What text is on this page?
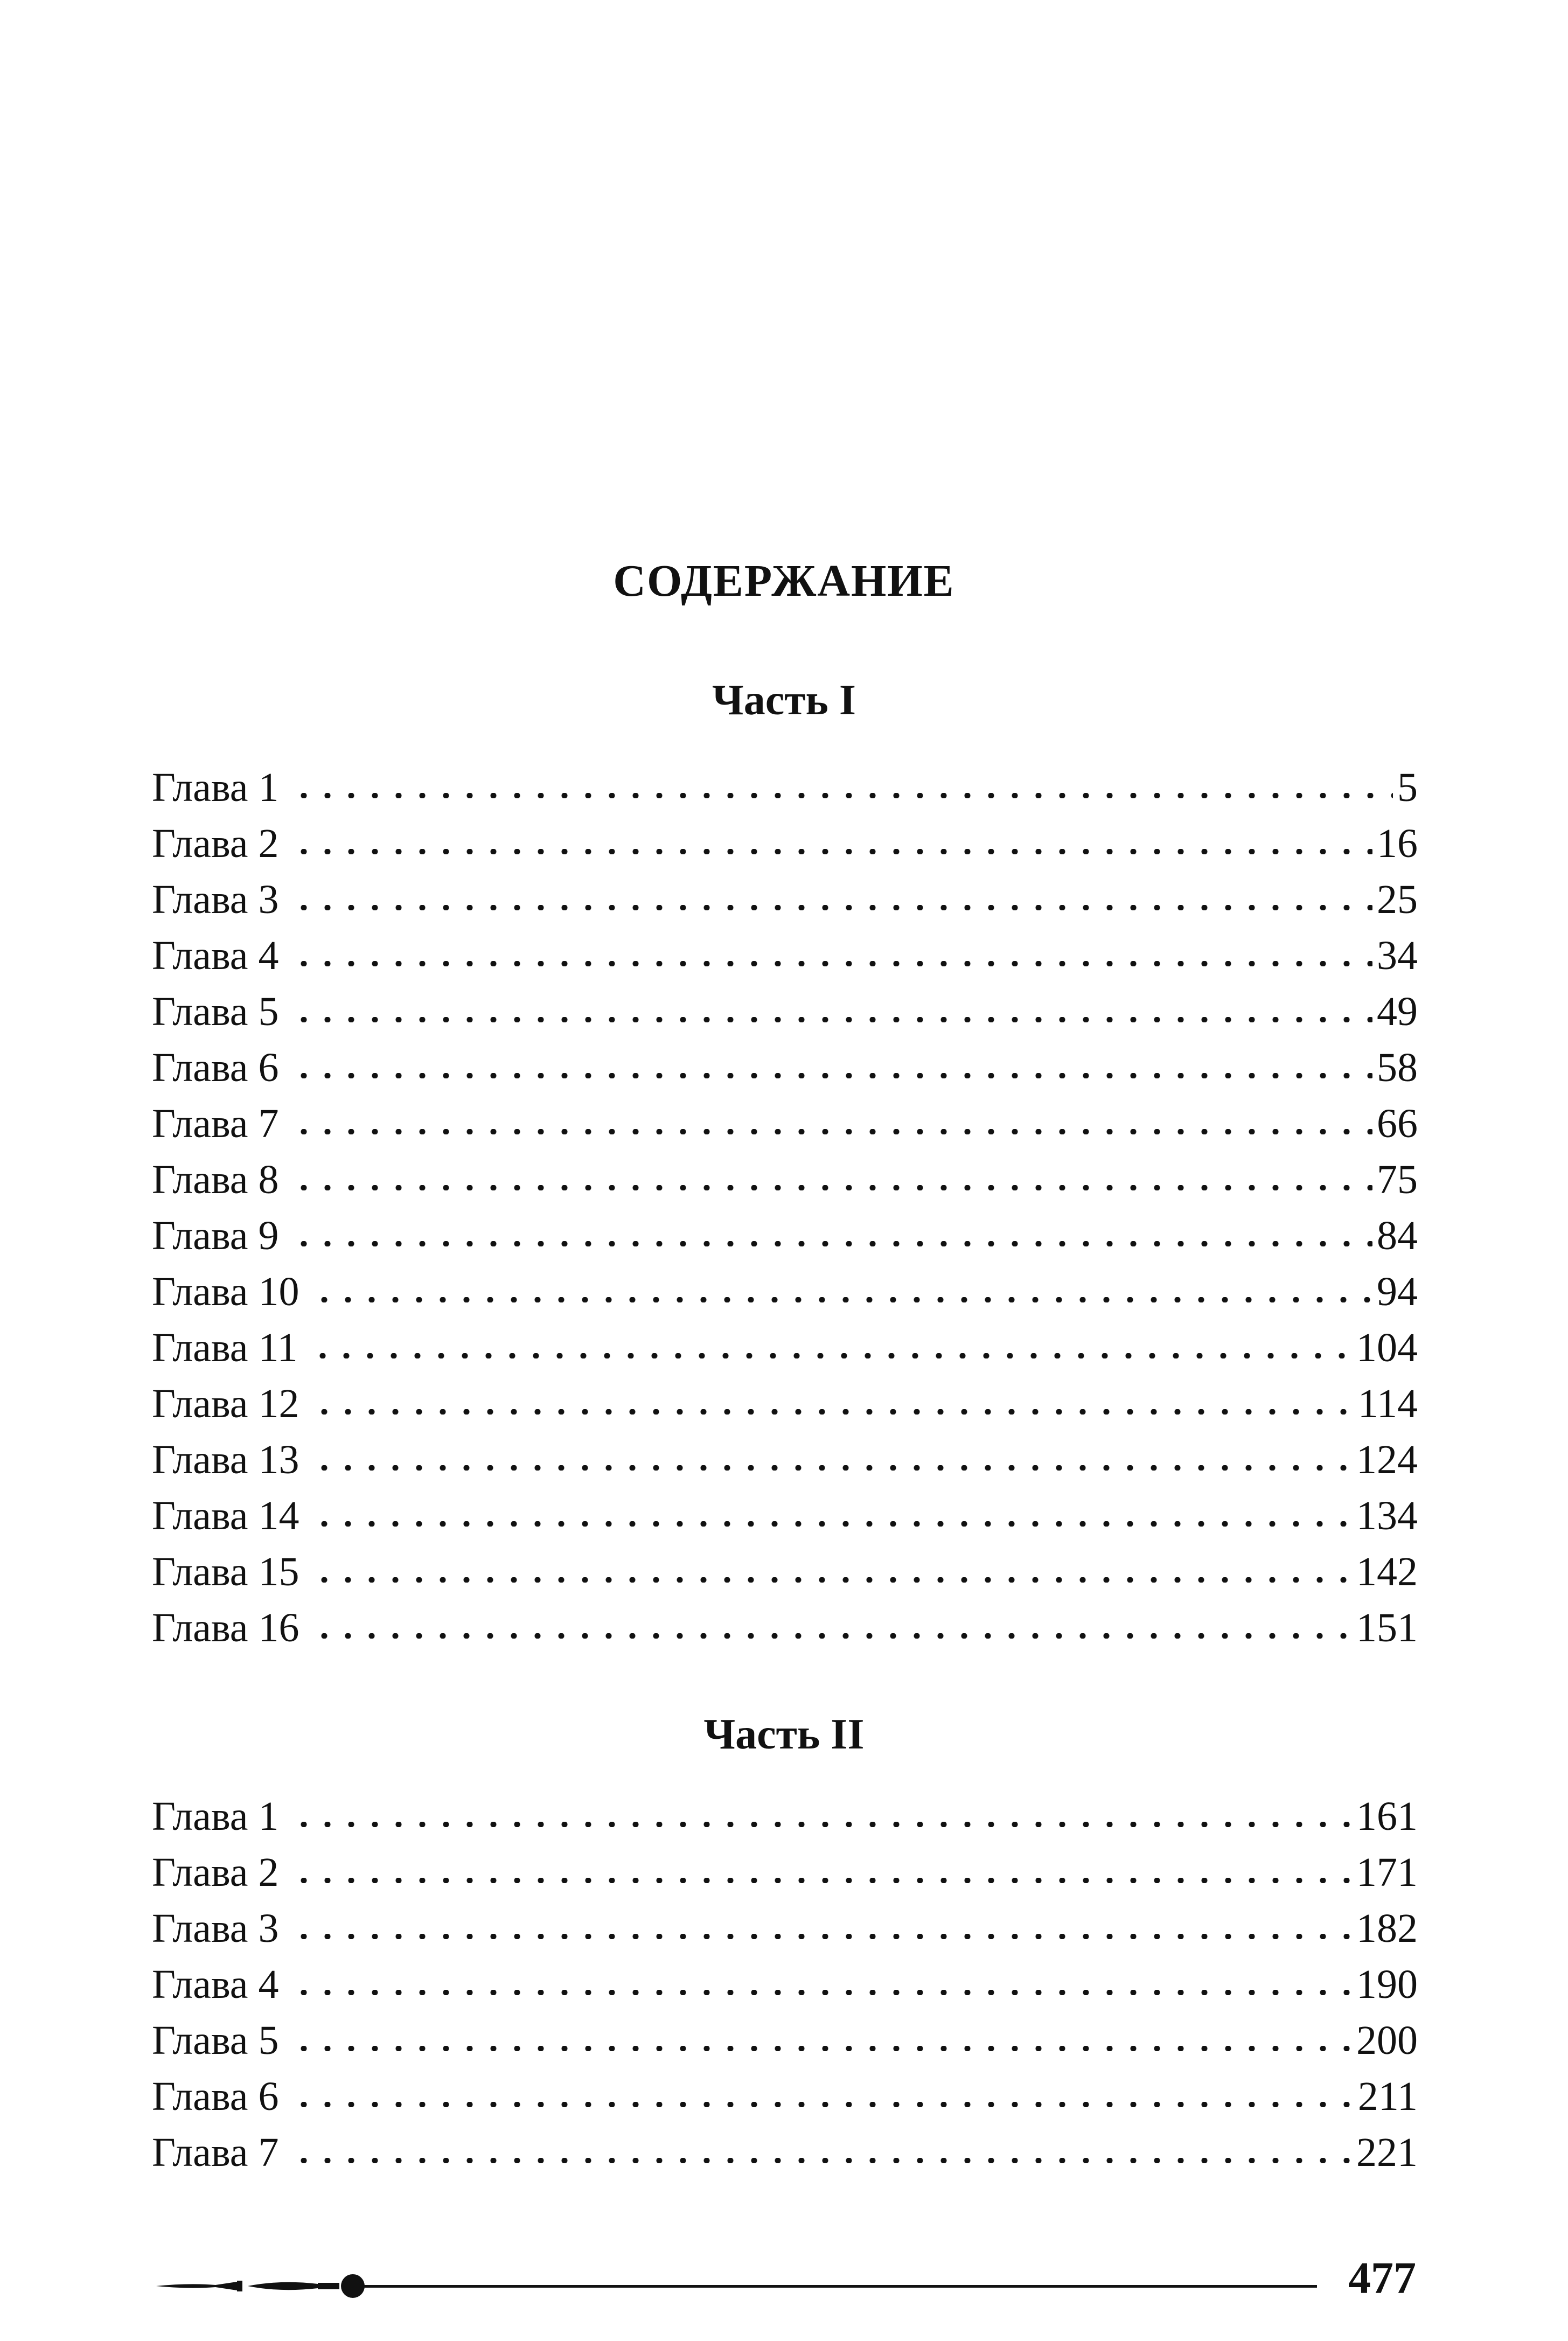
СОДЕРЖАНИЕ
Часть I
Глава 1	5
Глава 2	16
Глава 3	25
Глава 4	34
Глава 5	49
Глава 6	58
Глава 7	66
Глава 8	75
Глава 9	84
Глава 10	94
Глава 11	104
Глава 12	114
Глава 13	124
Глава 14	134
Глава 15	142
Глава 16	151
Часть II
Глава 1	161
Глава 2	171
Глава 3	182
Глава 4	190
Глава 5	200
Глава 6	211
Глава 7	221
477
